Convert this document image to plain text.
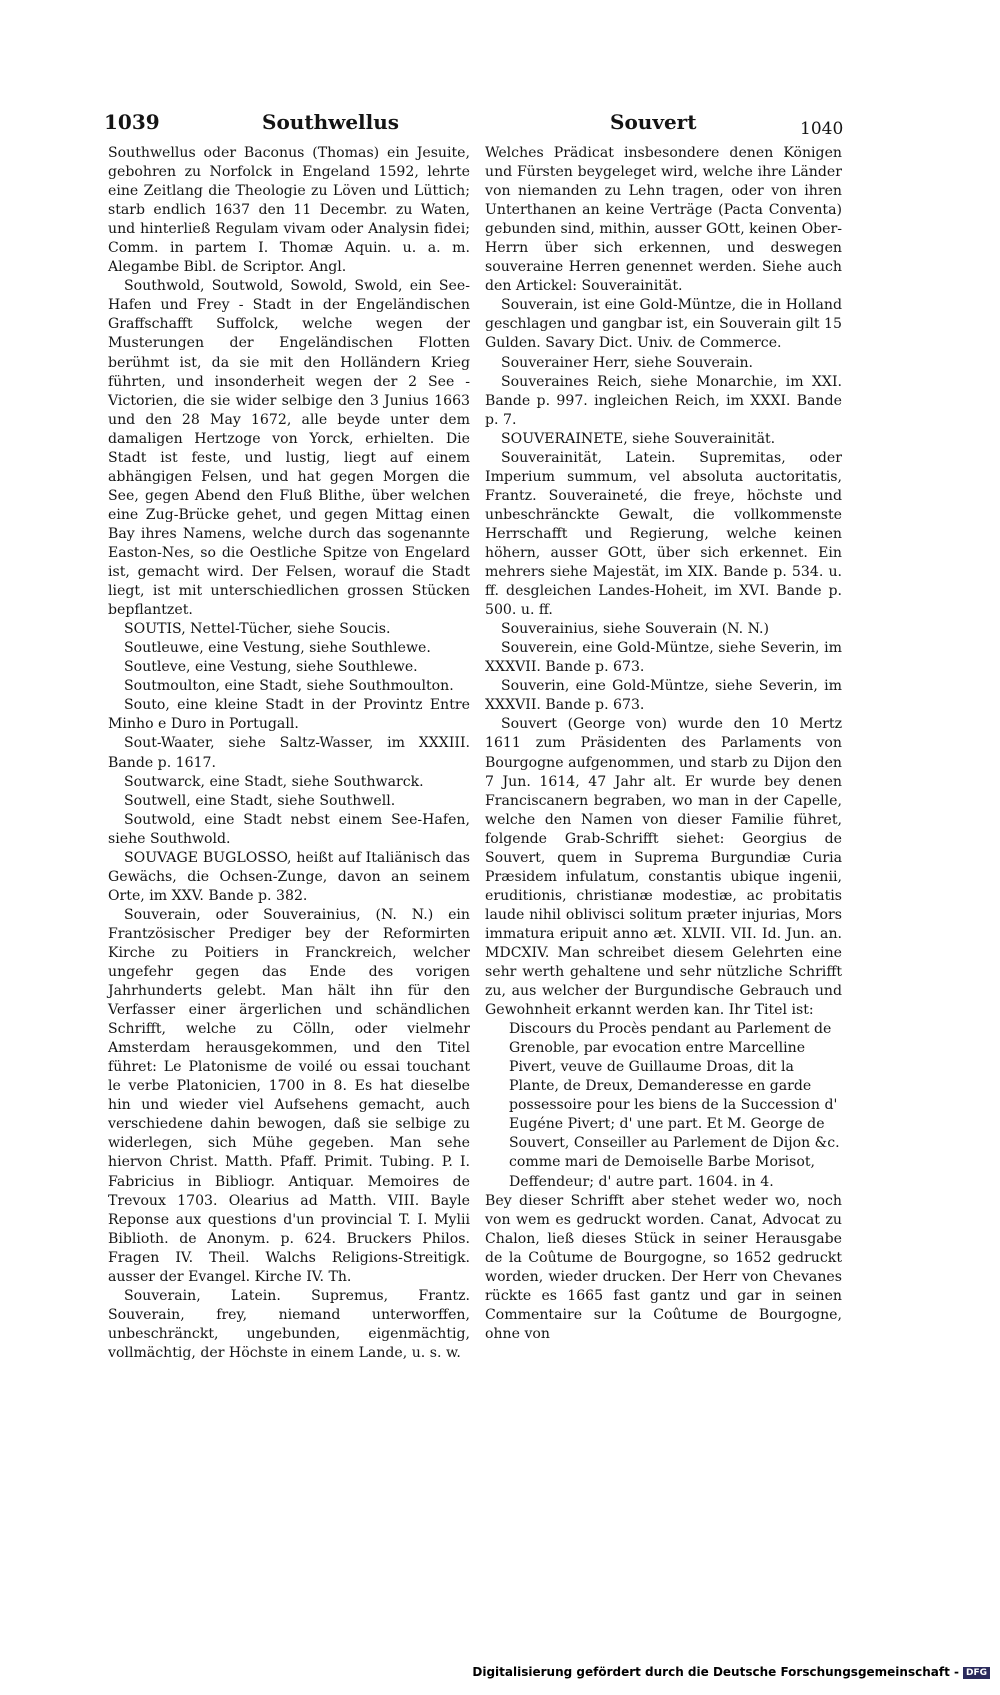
1039	Southwellus	Souvert	1040

Southwellus oder Baconus (Thomas) ein Jesuite, gebohren zu Norfolck in Engeland 1592, lehrte eine Zeitlang die Theologie zu Löven und Lüttich; starb endlich 1637 den 11 Decembr. zu Waten, und hinterließ Regulam vivam oder Analysin fidei; Comm. in partem I. Thomæ Aquin. u. a. m. Alegambe Bibl. de Scriptor. Angl.

Southwold, Soutwold, Sowold, Swold, ein See- Hafen und Frey - Stadt in der Engeländischen Graffschafft Suffolck, welche wegen der Musterungen der Engeländischen Flotten berühmt ist, da sie mit den Holländern Krieg führten, und insonderheit wegen der 2 See - Victorien, die sie wider selbige den 3 Junius 1663 und den 28 May 1672, alle beyde unter dem damaligen Hertzoge von Yorck, erhielten. Die Stadt ist feste, und lustig, liegt auf einem abhängigen Felsen, und hat gegen Morgen die See, gegen Abend den Fluß Blithe, über welchen eine Zug-Brücke gehet, und gegen Mittag einen Bay ihres Namens, welche durch das sogenannte Easton-Nes, so die Oestliche Spitze von Engelard ist, gemacht wird. Der Felsen, worauf die Stadt liegt, ist mit unterschiedlichen grossen Stücken bepflantzet.

SOUTIS, Nettel-Tücher, siehe Soucis.

Soutleuwe, eine Vestung, siehe Southlewe.

Soutleve, eine Vestung, siehe Southlewe.

Soutmoulton, eine Stadt, siehe Southmoulton.

Souto, eine kleine Stadt in der Provintz Entre Minho e Duro in Portugall.

Sout-Waater, siehe Saltz-Wasser, im XXXIII. Bande p. 1617.

Soutwarck, eine Stadt, siehe Southwarck.

Soutwell, eine Stadt, siehe Southwell.

Soutwold, eine Stadt nebst einem See-Hafen, siehe Southwold.

SOUVAGE BUGLOSSO, heißt auf Italiänisch das Gewächs, die Ochsen-Zunge, davon an seinem Orte, im XXV. Bande p. 382.

Souverain, oder Souverainius, (N. N.) ein Frantzösischer Prediger bey der Reformirten Kirche zu Poitiers in Franckreich, welcher ungefehr gegen das Ende des vorigen Jahrhunderts gelebt. Man hält ihn für den Verfasser einer ärgerlichen und schändlichen Schrifft, welche zu Cölln, oder vielmehr Amsterdam herausgekommen, und den Titel führet: Le Platonisme de voilé ou essai touchant le verbe Platonicien, 1700 in 8. Es hat dieselbe hin und wieder viel Aufsehens gemacht, auch verschiedene dahin bewogen, daß sie selbige zu widerlegen, sich Mühe gegeben. Man sehe hiervon Christ. Matth. Pfaff. Primit. Tubing. P. I. Fabricius in Bibliogr. Antiquar. Memoires de Trevoux 1703. Olearius ad Matth. VIII. Bayle Reponse aux questions d'un provincial T. I. Mylii Biblioth. de Anonym. p. 624. Bruckers Philos. Fragen IV. Theil. Walchs Religions-Streitigk. ausser der Evangel. Kirche IV. Th.

Souverain, Latein. Supremus, Frantz. Souverain, frey, niemand unterworffen, unbeschränckt, ungebunden, eigenmächtig, vollmächtig, der Höchste in einem Lande, u. s. w.

Welches Prädicat insbesondere denen Königen und Fürsten beygeleget wird, welche ihre Länder von niemanden zu Lehn tragen, oder von ihren Unterthanen an keine Verträge (Pacta Conventa) gebunden sind, mithin, ausser GOtt, keinen Ober-Herrn über sich erkennen, und deswegen souveraine Herren genennet werden. Siehe auch den Artickel: Souverainität.

Souverain, ist eine Gold-Müntze, die in Holland geschlagen und gangbar ist, ein Souverain gilt 15 Gulden. Savary Dict. Univ. de Commerce.

Souverainer Herr, siehe Souverain.

Souveraines Reich, siehe Monarchie, im XXI. Bande p. 997. ingleichen Reich, im XXXI. Bande p. 7.

SOUVERAINETE, siehe Souverainität.

Souverainität, Latein. Supremitas, oder Imperium summum, vel absoluta auctoritatis, Frantz. Souveraineté, die freye, höchste und unbeschränckte Gewalt, die vollkommenste Herrschafft und Regierung, welche keinen höhern, ausser GOtt, über sich erkennet. Ein mehrers siehe Majestät, im XIX. Bande p. 534. u. ff. desgleichen Landes-Hoheit, im XVI. Bande p. 500. u. ff.

Souverainius, siehe Souverain (N. N.)

Souverein, eine Gold-Müntze, siehe Severin, im XXXVII. Bande p. 673.

Souverin, eine Gold-Müntze, siehe Severin, im XXXVII. Bande p. 673.

Souvert (George von) wurde den 10 Mertz 1611 zum Präsidenten des Parlaments von Bourgogne aufgenommen, und starb zu Dijon den 7 Jun. 1614, 47 Jahr alt. Er wurde bey denen Franciscanern begraben, wo man in der Capelle, welche den Namen von dieser Familie führet, folgende Grab-Schrifft siehet: Georgius de Souvert, quem in Suprema Burgundiæ Curia Præsidem infulatum, constantis ubique ingenii, eruditionis, christianæ modestiæ, ac probitatis laude nihil oblivisci solitum præter injurias, Mors immatura eripuit anno æt. XLVII. VII. Id. Jun. an. MDCXIV. Man schreibet diesem Gelehrten eine sehr werth gehaltene und sehr nützliche Schrifft zu, aus welcher der Burgundische Gebrauch und Gewohnheit erkannt werden kan. Ihr Titel ist:

Discours du Procès pendant au Parlement de Grenoble, par evocation entre Marcelline Pivert, veuve de Guillaume Droas, dit la Plante, de Dreux, Demanderesse en garde possessoire pour les biens de la Succession d' Eugéne Pivert; d' une part. Et M. George de Souvert, Conseiller au Parlement de Dijon &c. comme mari de Demoiselle Barbe Morisot, Deffendeur; d' autre part. 1604. in 4.

Bey dieser Schrifft aber stehet weder wo, noch von wem es gedruckt worden. Canat, Advocat zu Chalon, ließ dieses Stück in seiner Herausgabe de la Coûtume de Bourgogne, so 1652 gedruckt worden, wieder drucken. Der Herr von Chevanes rückte es 1665 fast gantz und gar in seinen Commentaire sur la Coûtume de Bourgogne, ohne von

Digitalisierung gefördert durch die Deutsche Forschungsgemeinschaft - DFG
